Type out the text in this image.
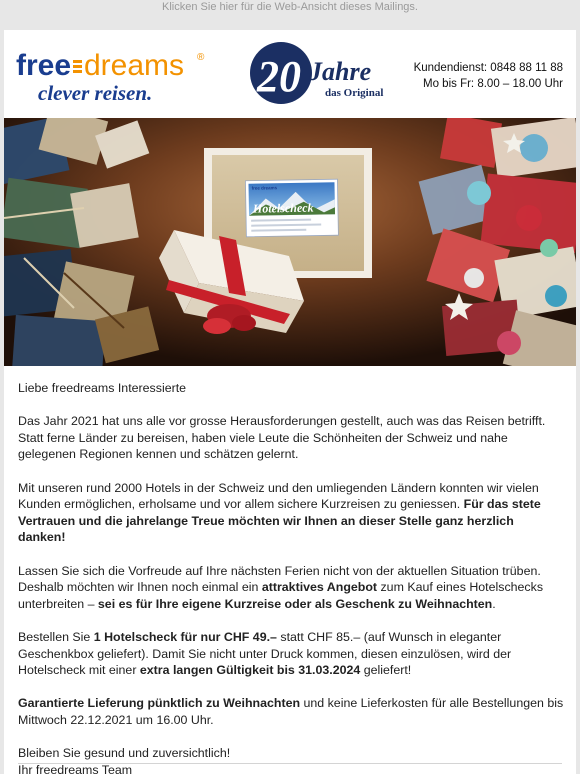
Klicken Sie hier für die Web-Ansicht dieses Mailings.
free dreams ®
clever reisen. 20 Jahre
das Original
Kundendienst: 0848 88 11 88
Mo bis Fr: 8.00 – 18.00 Uhr
free dreams
Hotelscheck

Liebe freedreams Interessierte

Das Jahr 2021 hat uns alle vor grosse Herausforderungen gestellt, auch was das Reisen betrifft. Statt ferne Länder zu bereisen, haben viele Leute die Schönheiten der Schweiz und nahe gelegenen Regionen kennen und schätzen gelernt.

Mit unseren rund 2000 Hotels in der Schweiz und den umliegenden Ländern konnten wir vielen Kunden ermöglichen, erholsame und vor allem sichere Kurzreisen zu geniessen. Für das stete Vertrauen und die jahrelange Treue möchten wir Ihnen an dieser Stelle ganz herzlich danken!

Lassen Sie sich die Vorfreude auf Ihre nächsten Ferien nicht von der aktuellen Situation trüben. Deshalb möchten wir Ihnen noch einmal ein attraktives Angebot zum Kauf eines Hotelschecks unterbreiten – sei es für Ihre eigene Kurzreise oder als Geschenk zu Weihnachten.

Bestellen Sie 1 Hotelscheck für nur CHF 49.– statt CHF 85.– (auf Wunsch in eleganter Geschenkbox geliefert). Damit Sie nicht unter Druck kommen, diesen einzulösen, wird der Hotelscheck mit einer extra langen Gültigkeit bis 31.03.2024 geliefert!

Garantierte Lieferung pünktlich zu Weihnachten und keine Lieferkosten für alle Bestellungen bis Mittwoch 22.12.2021 um 16.00 Uhr.

Bleiben Sie gesund und zuversichtlich!
Ihr freedreams Team
